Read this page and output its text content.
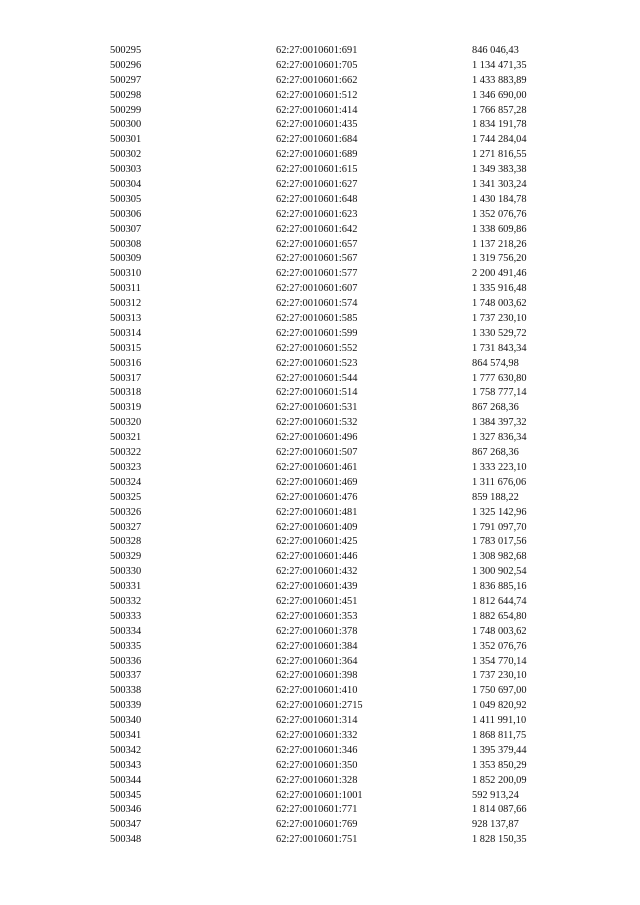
500295	62:27:0010601:691	846 046,43
500296	62:27:0010601:705	1 134 471,35
500297	62:27:0010601:662	1 433 883,89
500298	62:27:0010601:512	1 346 690,00
500299	62:27:0010601:414	1 766 857,28
500300	62:27:0010601:435	1 834 191,78
500301	62:27:0010601:684	1 744 284,04
500302	62:27:0010601:689	1 271 816,55
500303	62:27:0010601:615	1 349 383,38
500304	62:27:0010601:627	1 341 303,24
500305	62:27:0010601:648	1 430 184,78
500306	62:27:0010601:623	1 352 076,76
500307	62:27:0010601:642	1 338 609,86
500308	62:27:0010601:657	1 137 218,26
500309	62:27:0010601:567	1 319 756,20
500310	62:27:0010601:577	2 200 491,46
500311	62:27:0010601:607	1 335 916,48
500312	62:27:0010601:574	1 748 003,62
500313	62:27:0010601:585	1 737 230,10
500314	62:27:0010601:599	1 330 529,72
500315	62:27:0010601:552	1 731 843,34
500316	62:27:0010601:523	864 574,98
500317	62:27:0010601:544	1 777 630,80
500318	62:27:0010601:514	1 758 777,14
500319	62:27:0010601:531	867 268,36
500320	62:27:0010601:532	1 384 397,32
500321	62:27:0010601:496	1 327 836,34
500322	62:27:0010601:507	867 268,36
500323	62:27:0010601:461	1 333 223,10
500324	62:27:0010601:469	1 311 676,06
500325	62:27:0010601:476	859 188,22
500326	62:27:0010601:481	1 325 142,96
500327	62:27:0010601:409	1 791 097,70
500328	62:27:0010601:425	1 783 017,56
500329	62:27:0010601:446	1 308 982,68
500330	62:27:0010601:432	1 300 902,54
500331	62:27:0010601:439	1 836 885,16
500332	62:27:0010601:451	1 812 644,74
500333	62:27:0010601:353	1 882 654,80
500334	62:27:0010601:378	1 748 003,62
500335	62:27:0010601:384	1 352 076,76
500336	62:27:0010601:364	1 354 770,14
500337	62:27:0010601:398	1 737 230,10
500338	62:27:0010601:410	1 750 697,00
500339	62:27:0010601:2715	1 049 820,92
500340	62:27:0010601:314	1 411 991,10
500341	62:27:0010601:332	1 868 811,75
500342	62:27:0010601:346	1 395 379,44
500343	62:27:0010601:350	1 353 850,29
500344	62:27:0010601:328	1 852 200,09
500345	62:27:0010601:1001	592 913,24
500346	62:27:0010601:771	1 814 087,66
500347	62:27:0010601:769	928 137,87
500348	62:27:0010601:751	1 828 150,35
